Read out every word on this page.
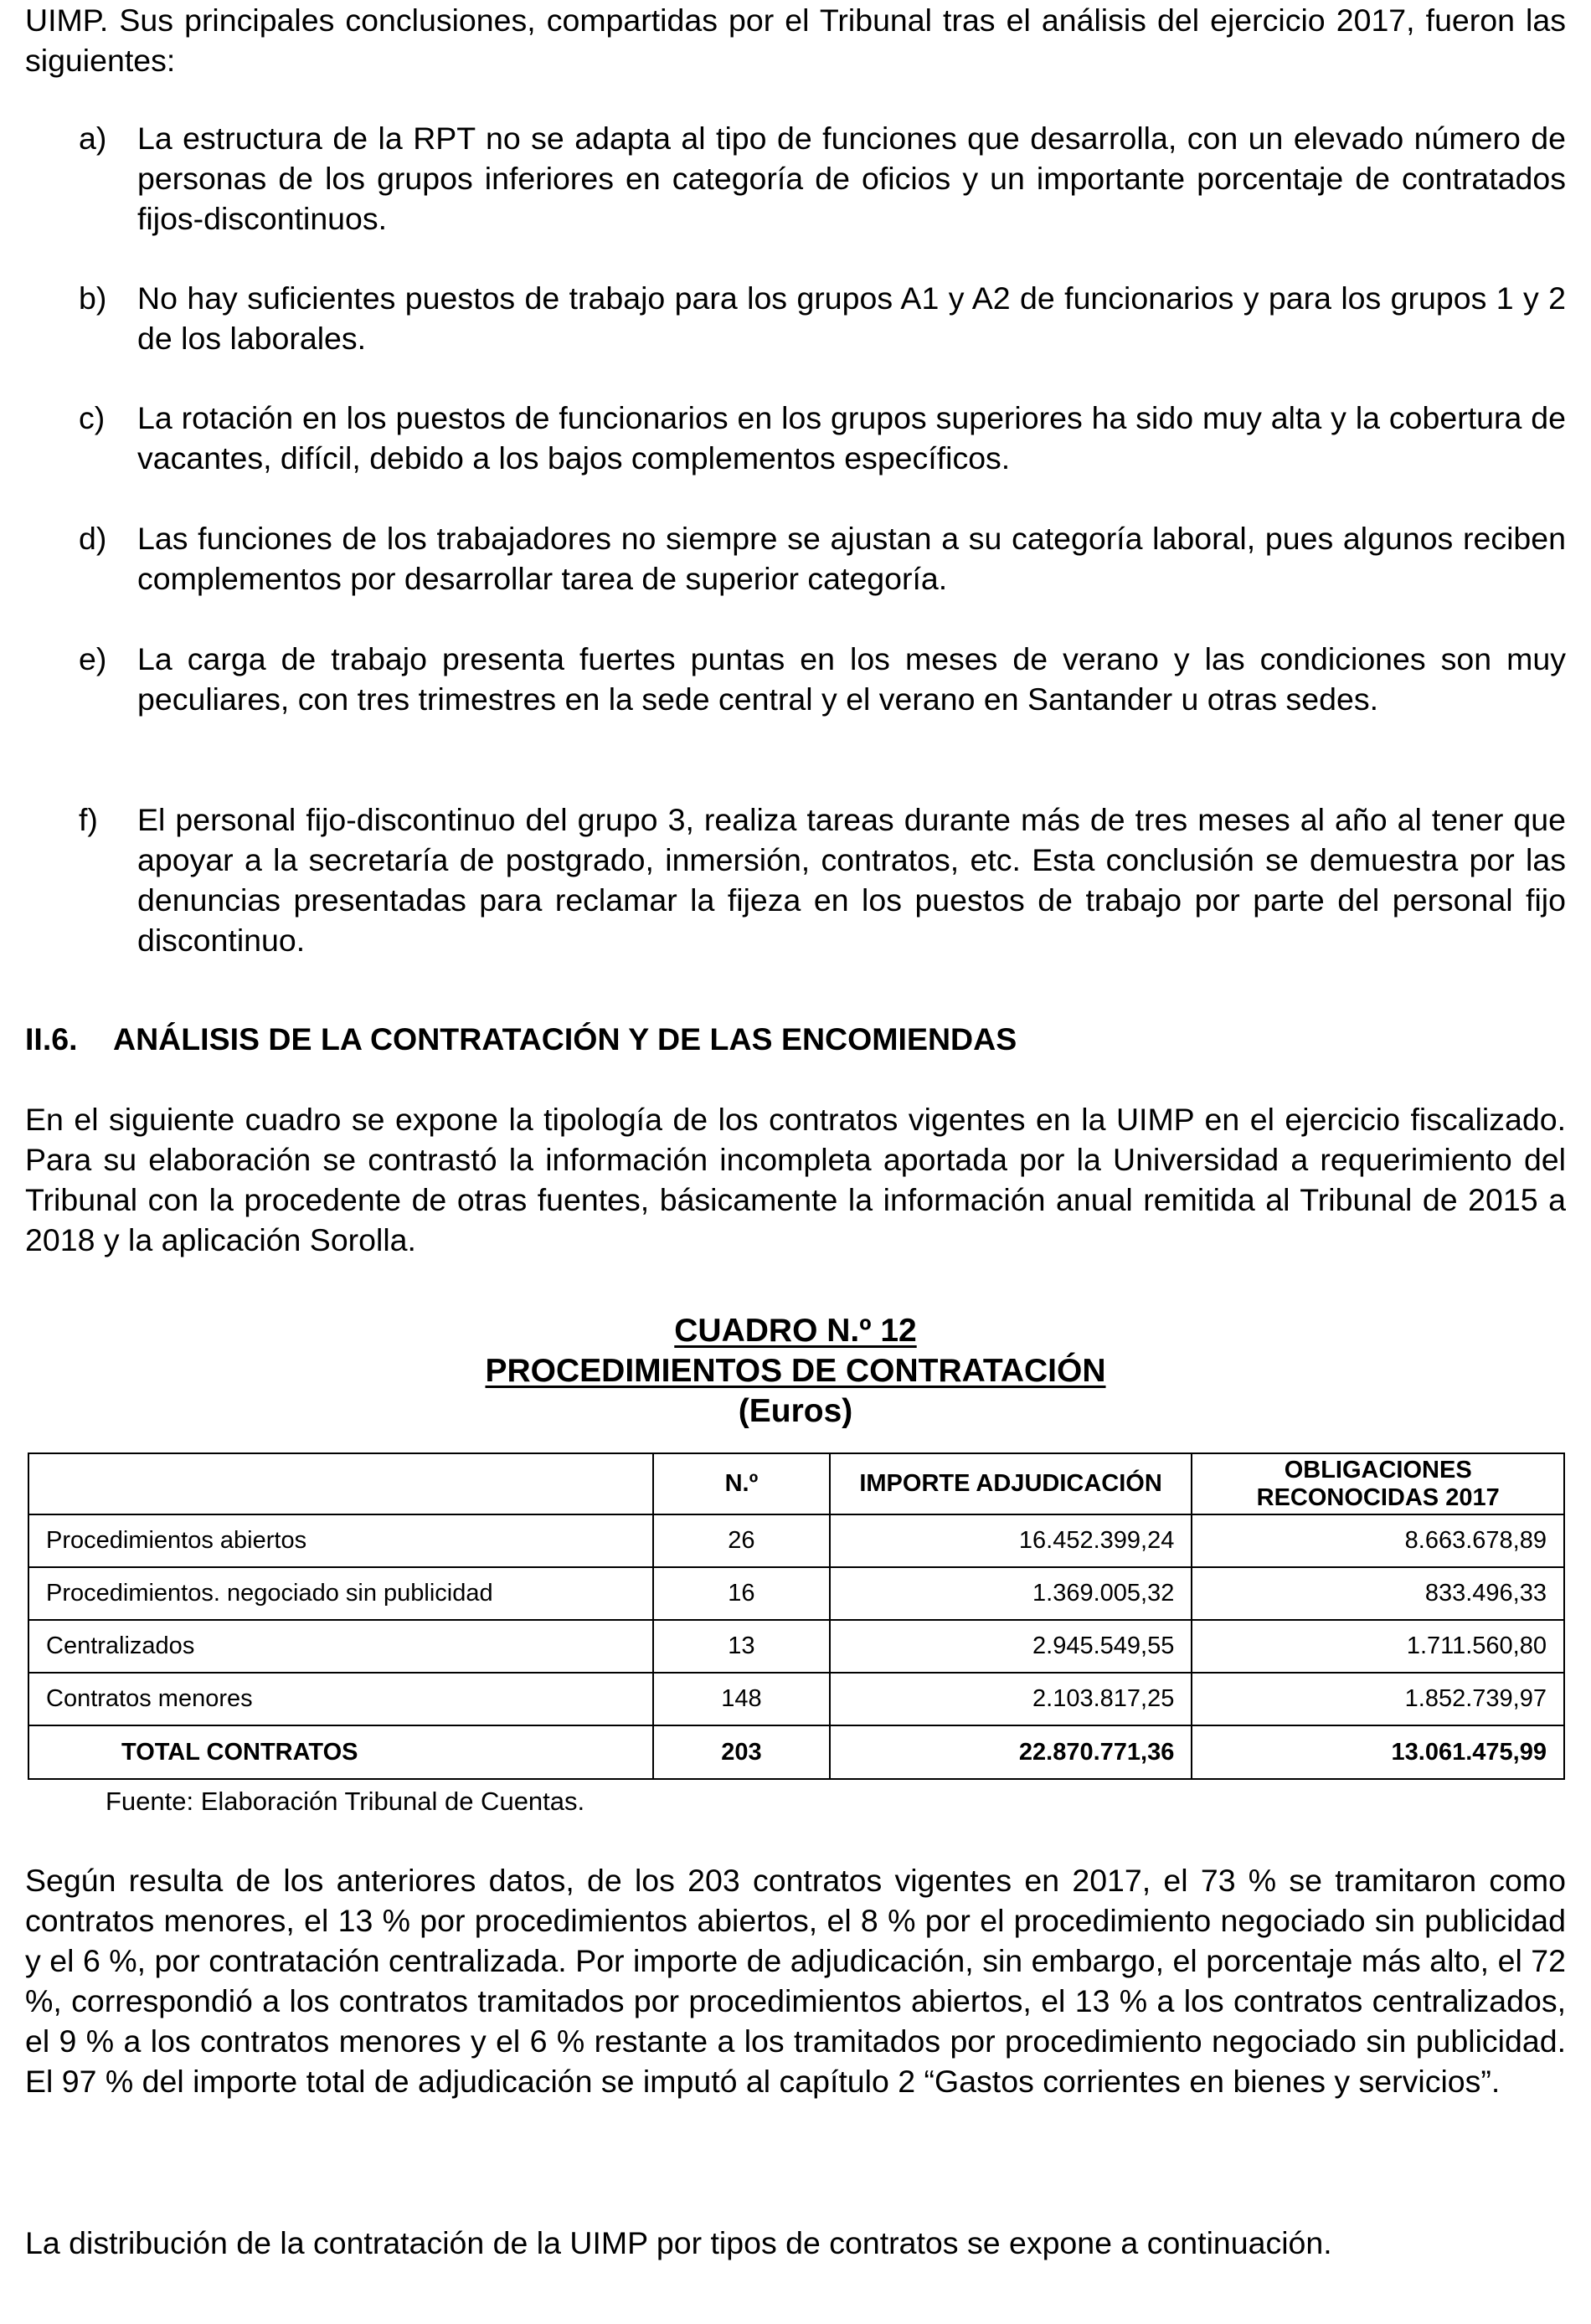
UIMP. Sus principales conclusiones, compartidas por el Tribunal tras el análisis del ejercicio 2017, fueron las siguientes:

a) La estructura de la RPT no se adapta al tipo de funciones que desarrolla, con un elevado número de personas de los grupos inferiores en categoría de oficios y un importante porcentaje de contratados fijos-discontinuos.

b) No hay suficientes puestos de trabajo para los grupos A1 y A2 de funcionarios y para los grupos 1 y 2 de los laborales.

c) La rotación en los puestos de funcionarios en los grupos superiores ha sido muy alta y la cobertura de vacantes, difícil, debido a los bajos complementos específicos.

d) Las funciones de los trabajadores no siempre se ajustan a su categoría laboral, pues algunos reciben complementos por desarrollar tarea de superior categoría.

e) La carga de trabajo presenta fuertes puntas en los meses de verano y las condiciones son muy peculiares, con tres trimestres en la sede central y el verano en Santander u otras sedes.

f) El personal fijo-discontinuo del grupo 3, realiza tareas durante más de tres meses al año al tener que apoyar a la secretaría de postgrado, inmersión, contratos, etc. Esta conclusión se demuestra por las denuncias presentadas para reclamar la fijeza en los puestos de trabajo por parte del personal fijo discontinuo.

II.6. ANÁLISIS DE LA CONTRATACIÓN Y DE LAS ENCOMIENDAS

En el siguiente cuadro se expone la tipología de los contratos vigentes en la UIMP en el ejercicio fiscalizado. Para su elaboración se contrastó la información incompleta aportada por la Universidad a requerimiento del Tribunal con la procedente de otras fuentes, básicamente la información anual remitida al Tribunal de 2015 a 2018 y la aplicación Sorolla.

CUADRO N.º 12
PROCEDIMIENTOS DE CONTRATACIÓN
(Euros)
	N.º	IMPORTE ADJUDICACIÓN	OBLIGACIONES RECONOCIDAS 2017
Procedimientos abiertos	26	16.452.399,24	8.663.678,89
Procedimientos. negociado sin publicidad	16	1.369.005,32	833.496,33
Centralizados	13	2.945.549,55	1.711.560,80
Contratos menores	148	2.103.817,25	1.852.739,97
TOTAL CONTRATOS	203	22.870.771,36	13.061.475,99
Fuente: Elaboración Tribunal de Cuentas.

Según resulta de los anteriores datos, de los 203 contratos vigentes en 2017, el 73 % se tramitaron como contratos menores, el 13 % por procedimientos abiertos, el 8 % por el procedimiento negociado sin publicidad y el 6 %, por contratación centralizada. Por importe de adjudicación, sin embargo, el porcentaje más alto, el 72 %, correspondió a los contratos tramitados por procedimientos abiertos, el 13 % a los contratos centralizados, el 9 % a los contratos menores y el 6 % restante a los tramitados por procedimiento negociado sin publicidad. El 97 % del importe total de adjudicación se imputó al capítulo 2 “Gastos corrientes en bienes y servicios”.

La distribución de la contratación de la UIMP por tipos de contratos se expone a continuación.
